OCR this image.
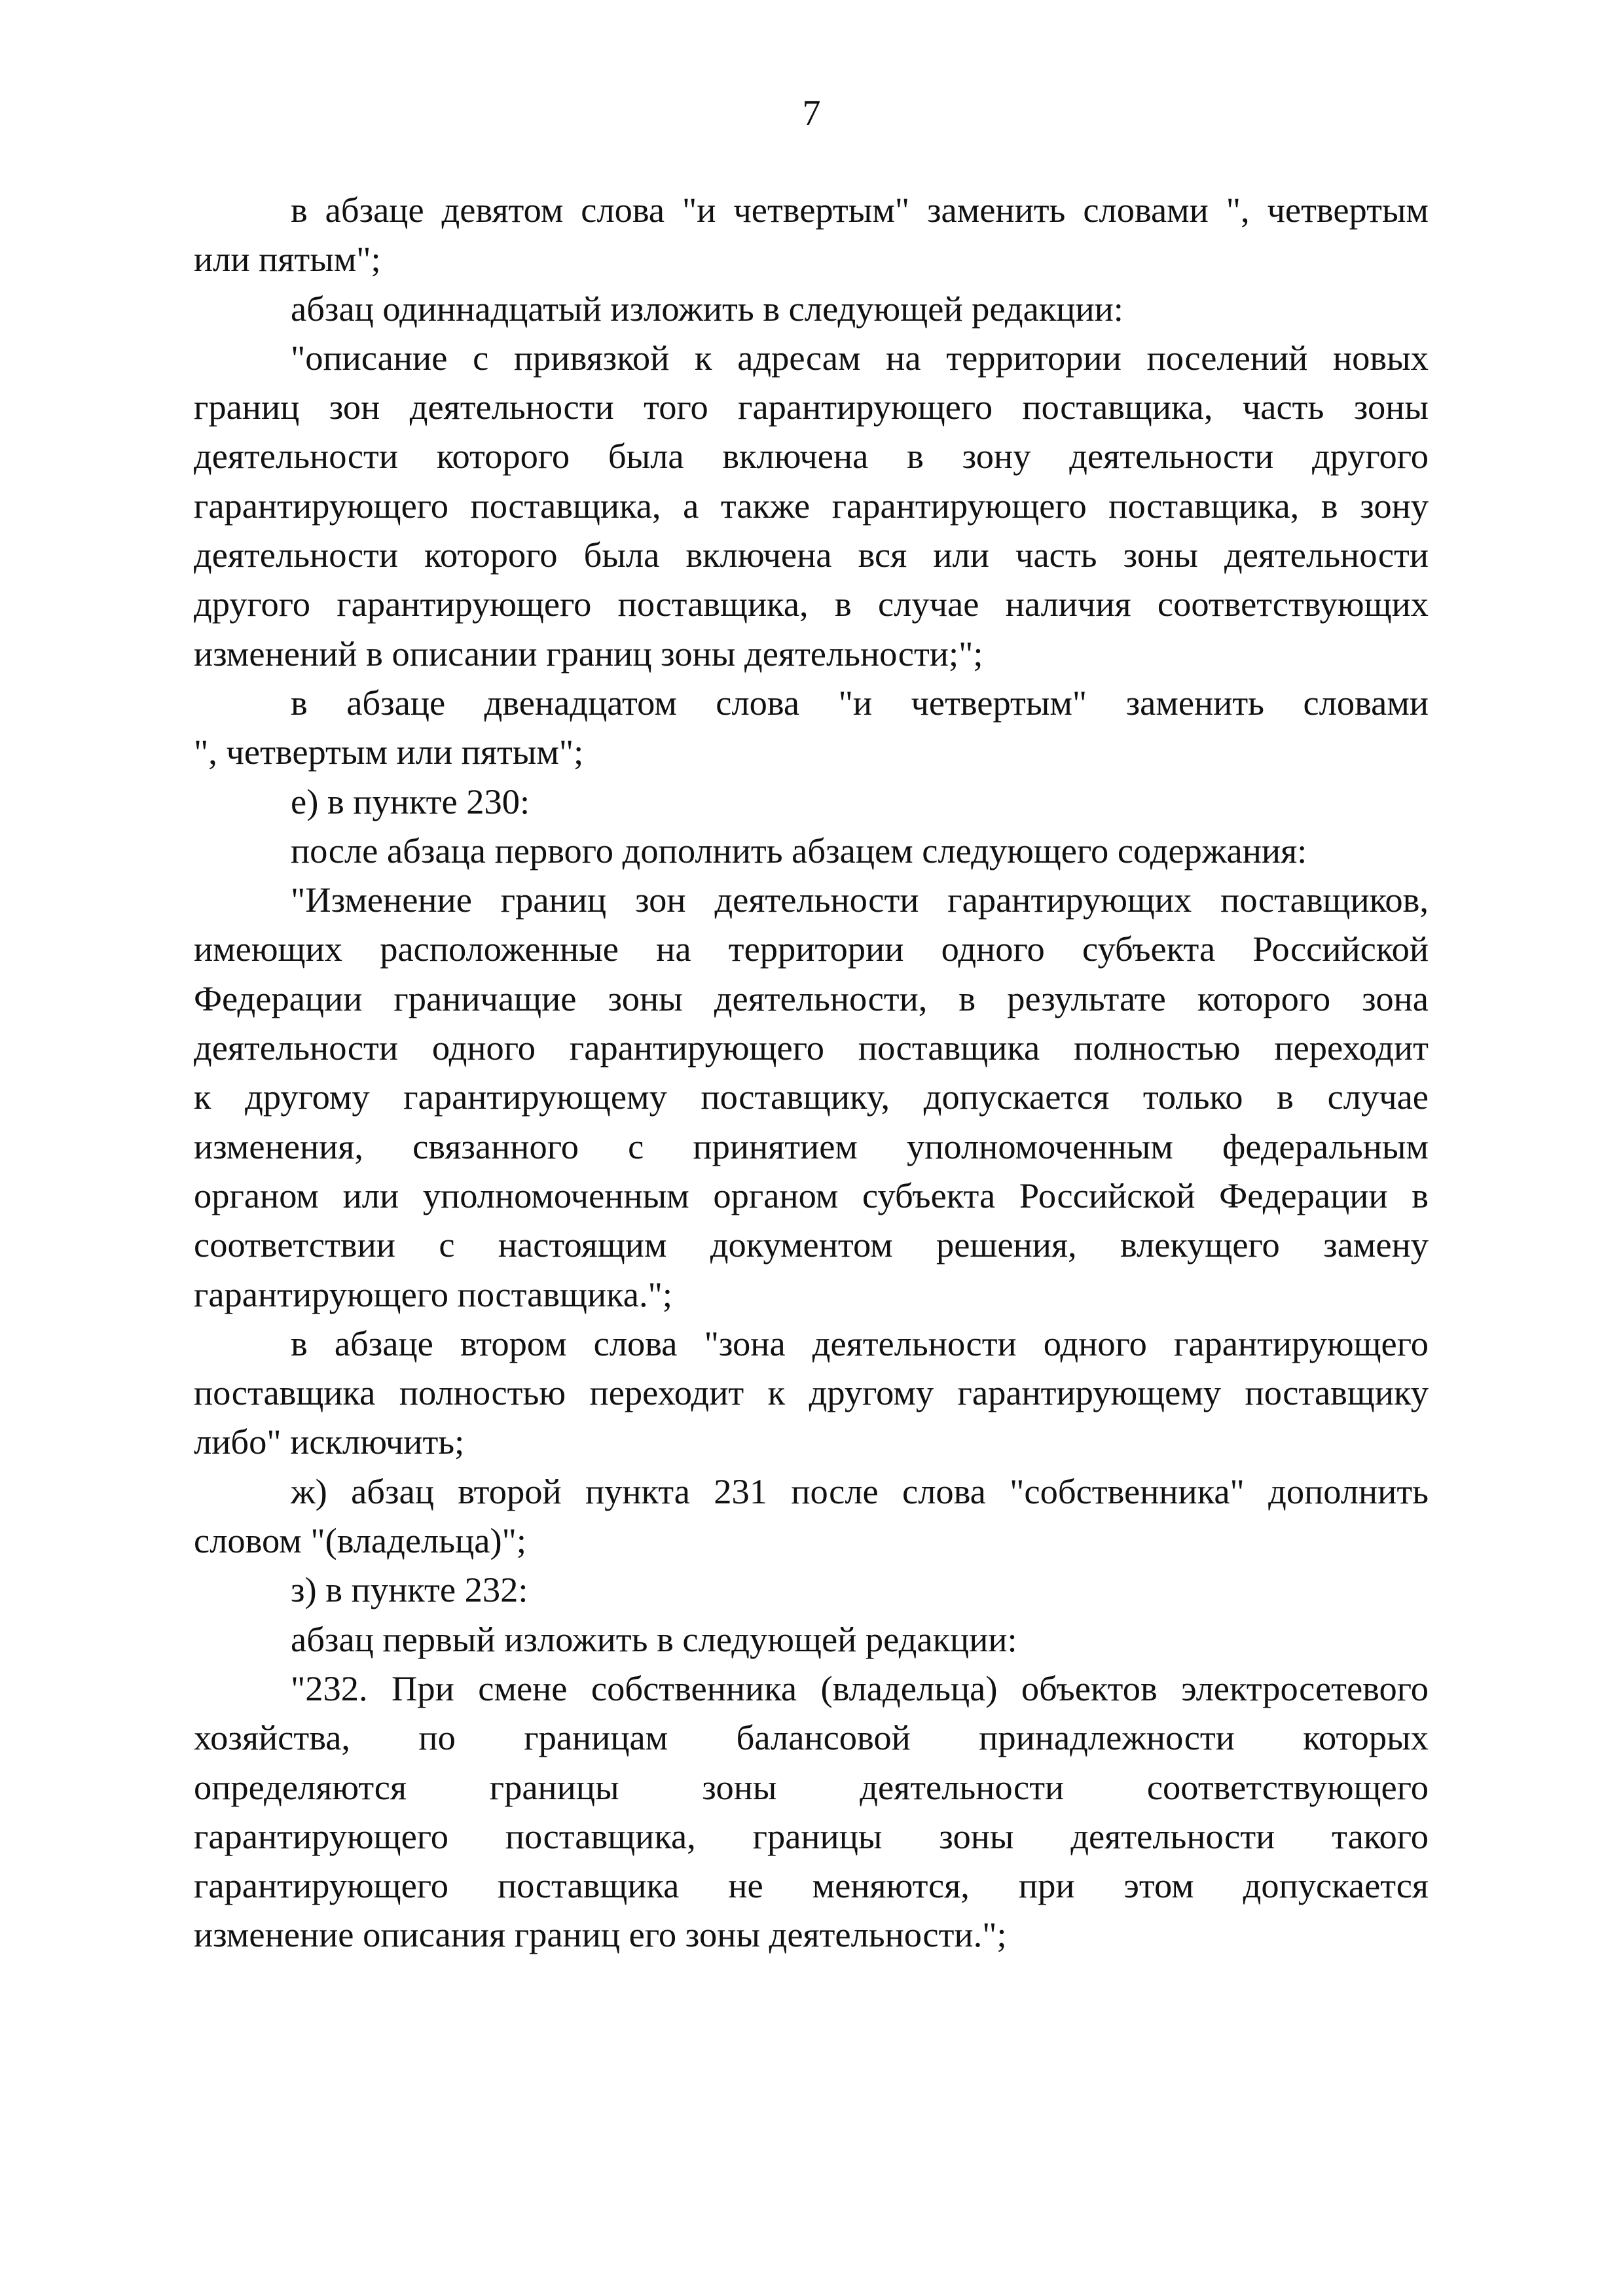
7
в абзаце девятом слова "и четвертым" заменить словами ", четвертым
или пятым";
абзац одиннадцатый изложить в следующей редакции:
"описание с привязкой к адресам на территории поселений новых
границ зон деятельности того гарантирующего поставщика, часть зоны
деятельности которого была включена в зону деятельности другого
гарантирующего поставщика, а также гарантирующего поставщика, в зону
деятельности которого была включена вся или часть зоны деятельности
другого гарантирующего поставщика, в случае наличия соответствующих
изменений в описании границ зоны деятельности;";
в абзаце двенадцатом слова "и четвертым" заменить словами
", четвертым или пятым";
е) в пункте 230:
после абзаца первого дополнить абзацем следующего содержания:
"Изменение границ зон деятельности гарантирующих поставщиков,
имеющих расположенные на территории одного субъекта Российской
Федерации граничащие зоны деятельности, в результате которого зона
деятельности одного гарантирующего поставщика полностью переходит
к другому гарантирующему поставщику, допускается только в случае
изменения, связанного с принятием уполномоченным федеральным
органом или уполномоченным органом субъекта Российской Федерации в
соответствии с настоящим документом решения, влекущего замену
гарантирующего поставщика.";
в абзаце втором слова "зона деятельности одного гарантирующего
поставщика полностью переходит к другому гарантирующему поставщику
либо" исключить;
ж) абзац второй пункта 231 после слова "собственника" дополнить
словом "(владельца)";
з) в пункте 232:
абзац первый изложить в следующей редакции:
"232. При смене собственника (владельца) объектов электросетевого
хозяйства, по границам балансовой принадлежности которых
определяются границы зоны деятельности соответствующего
гарантирующего поставщика, границы зоны деятельности такого
гарантирующего поставщика не меняются, при этом допускается
изменение описания границ его зоны деятельности.";
